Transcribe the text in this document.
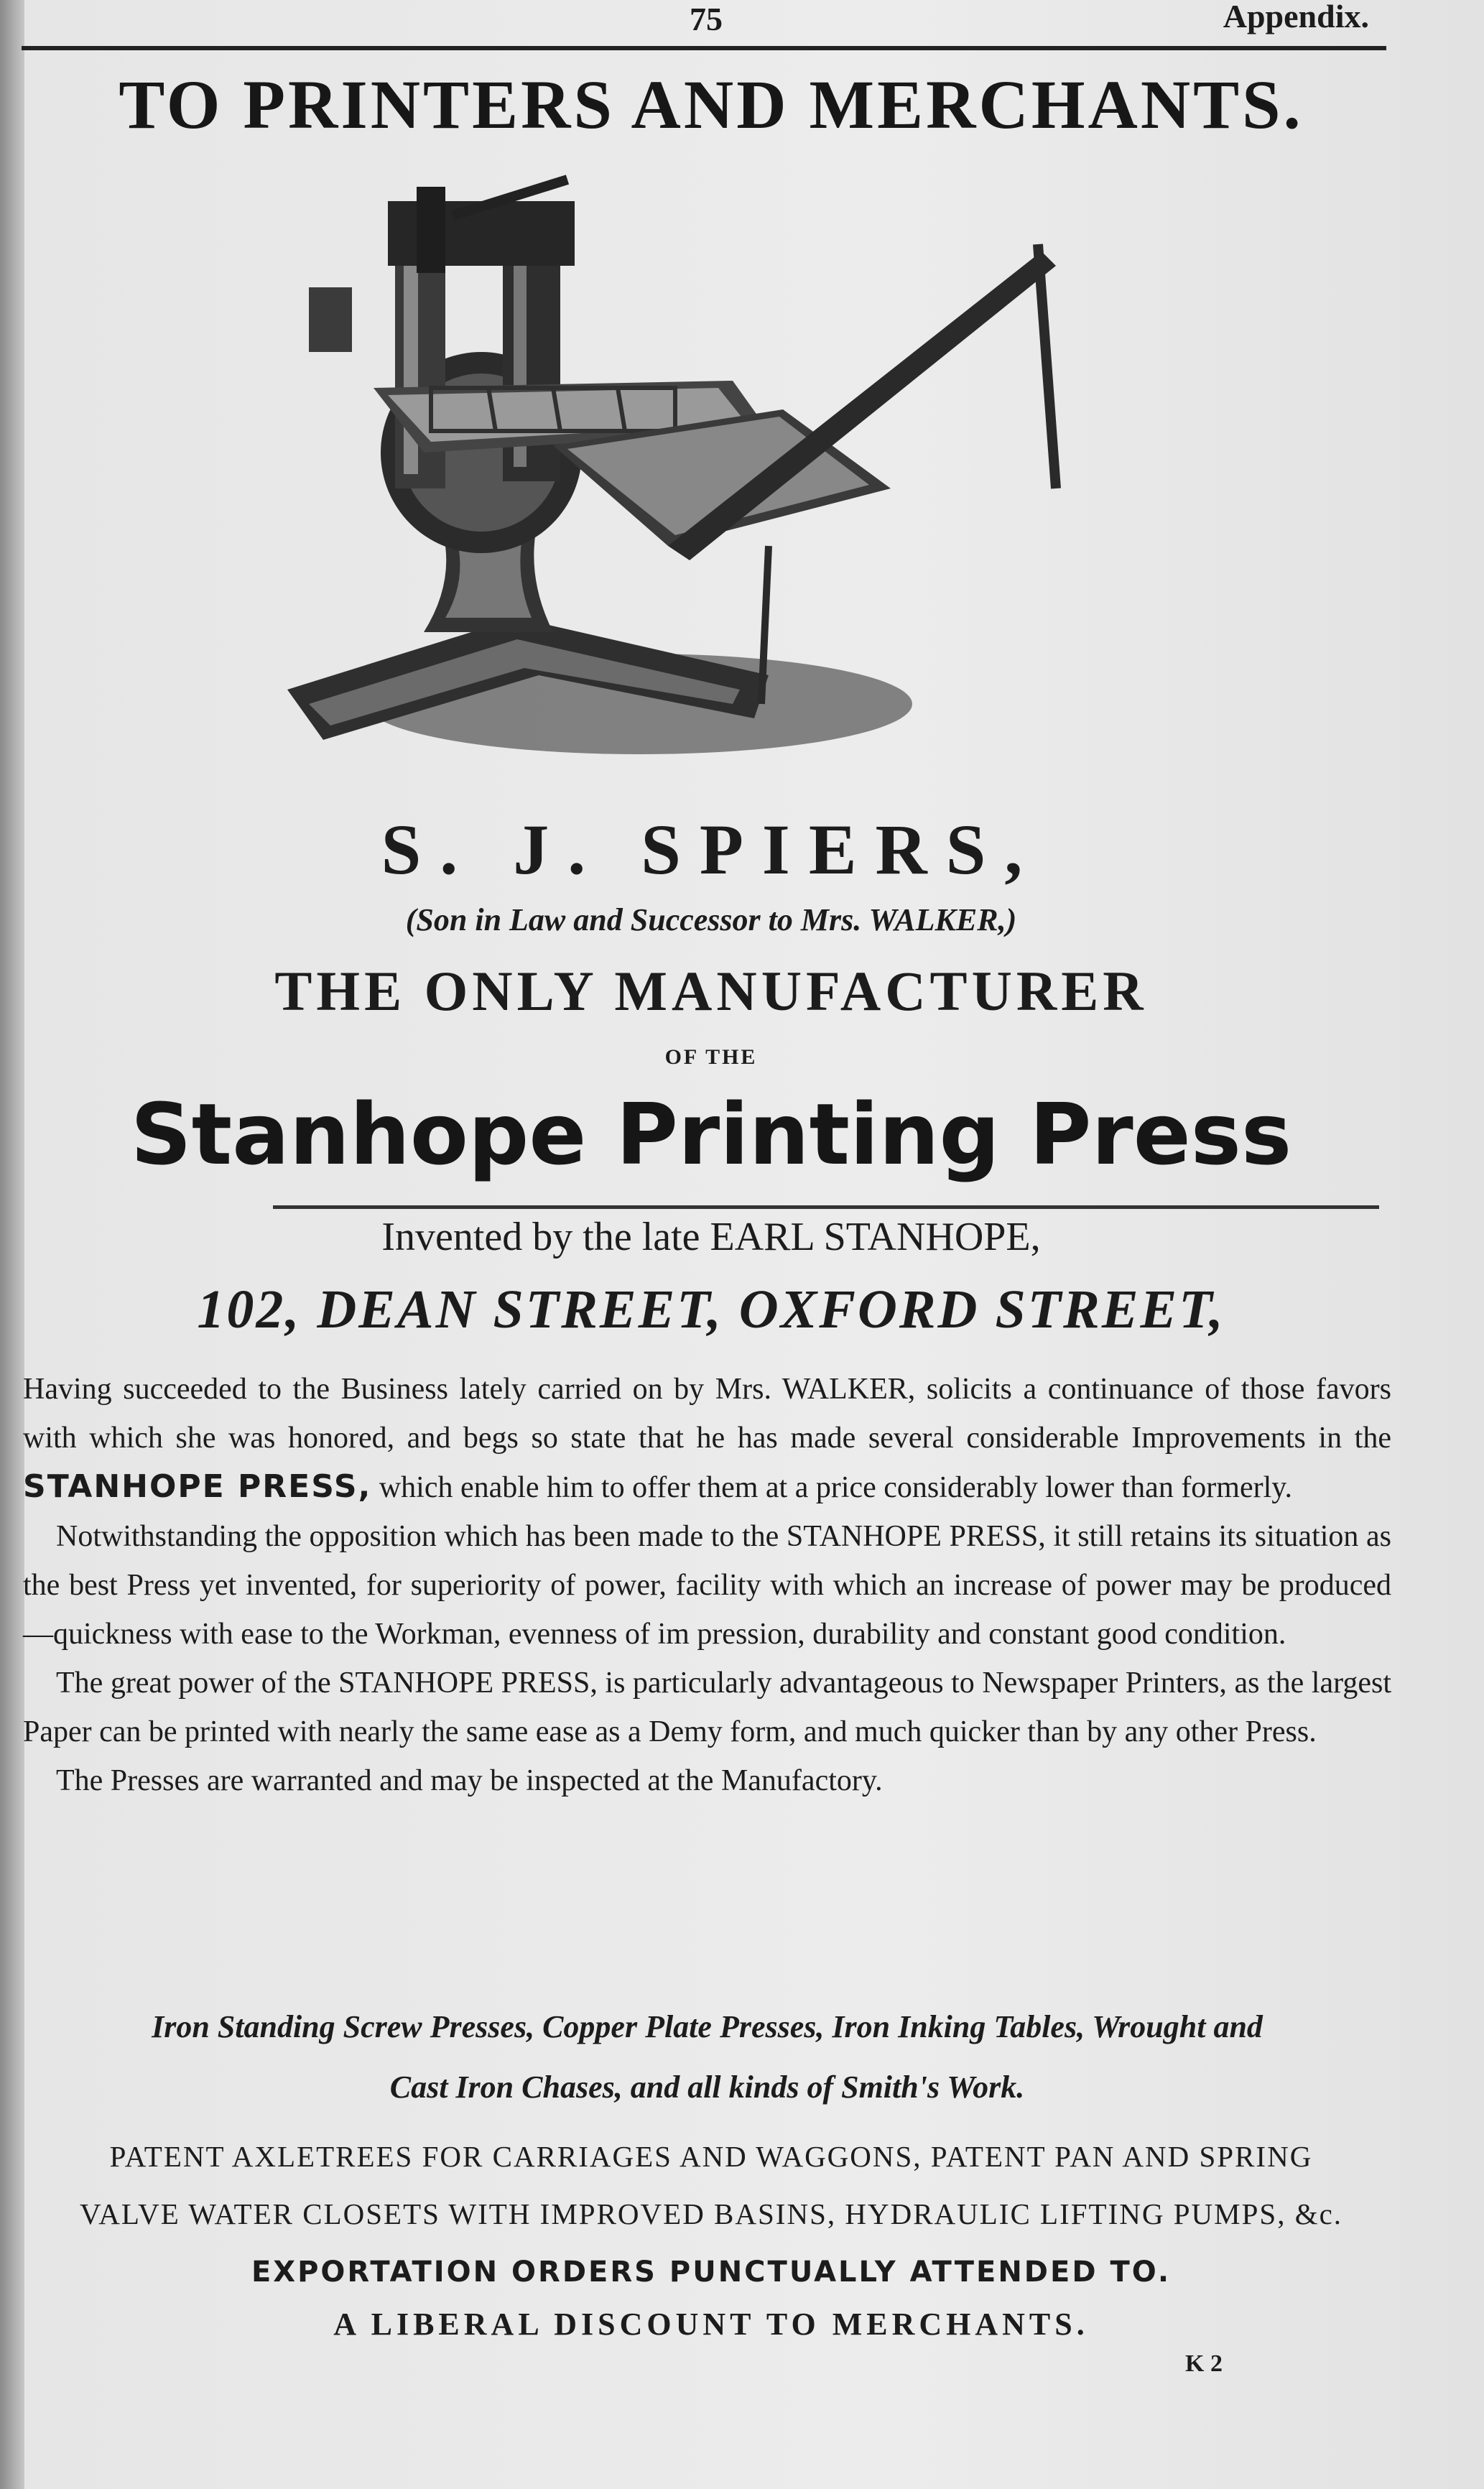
75	Appendix.
TO PRINTERS AND MERCHANTS.
S. J. SPIERS,
(Son in Law and Successor to Mrs. WALKER,)
THE ONLY MANUFACTURER
OF THE
Stanhope Printing Press
Invented by the late EARL STANHOPE,
102, DEAN STREET, OXFORD STREET,

Having succeeded to the Business lately carried on by Mrs. WALKER, solicits a continuance of those favors with which she was honored, and begs so state that he has made several considerable Improvements in the STANHOPE PRESS, which enable him to offer them at a price considerably lower than formerly.

Notwithstanding the opposition which has been made to the STANHOPE PRESS, it still retains its situation as the best Press yet invented, for superiority of power, facility with which an increase of power may be produced—quickness with ease to the Workman, evenness of im pression, durability and constant good condition.

The great power of the STANHOPE PRESS, is particularly advantageous to Newspaper Printers, as the largest Paper can be printed with nearly the same ease as a Demy form, and much quicker than by any other Press.

The Presses are warranted and may be inspected at the Manufactory.

Iron Standing Screw Presses, Copper Plate Presses, Iron Inking Tables, Wrought and
Cast Iron Chases, and all kinds of Smith's Work.
PATENT AXLETREES FOR CARRIAGES AND WAGGONS, PATENT PAN AND SPRING
VALVE WATER CLOSETS WITH IMPROVED BASINS, HYDRAULIC LIFTING PUMPS, &c.
EXPORTATION ORDERS PUNCTUALLY ATTENDED TO.
A LIBERAL DISCOUNT TO MERCHANTS.
K 2
